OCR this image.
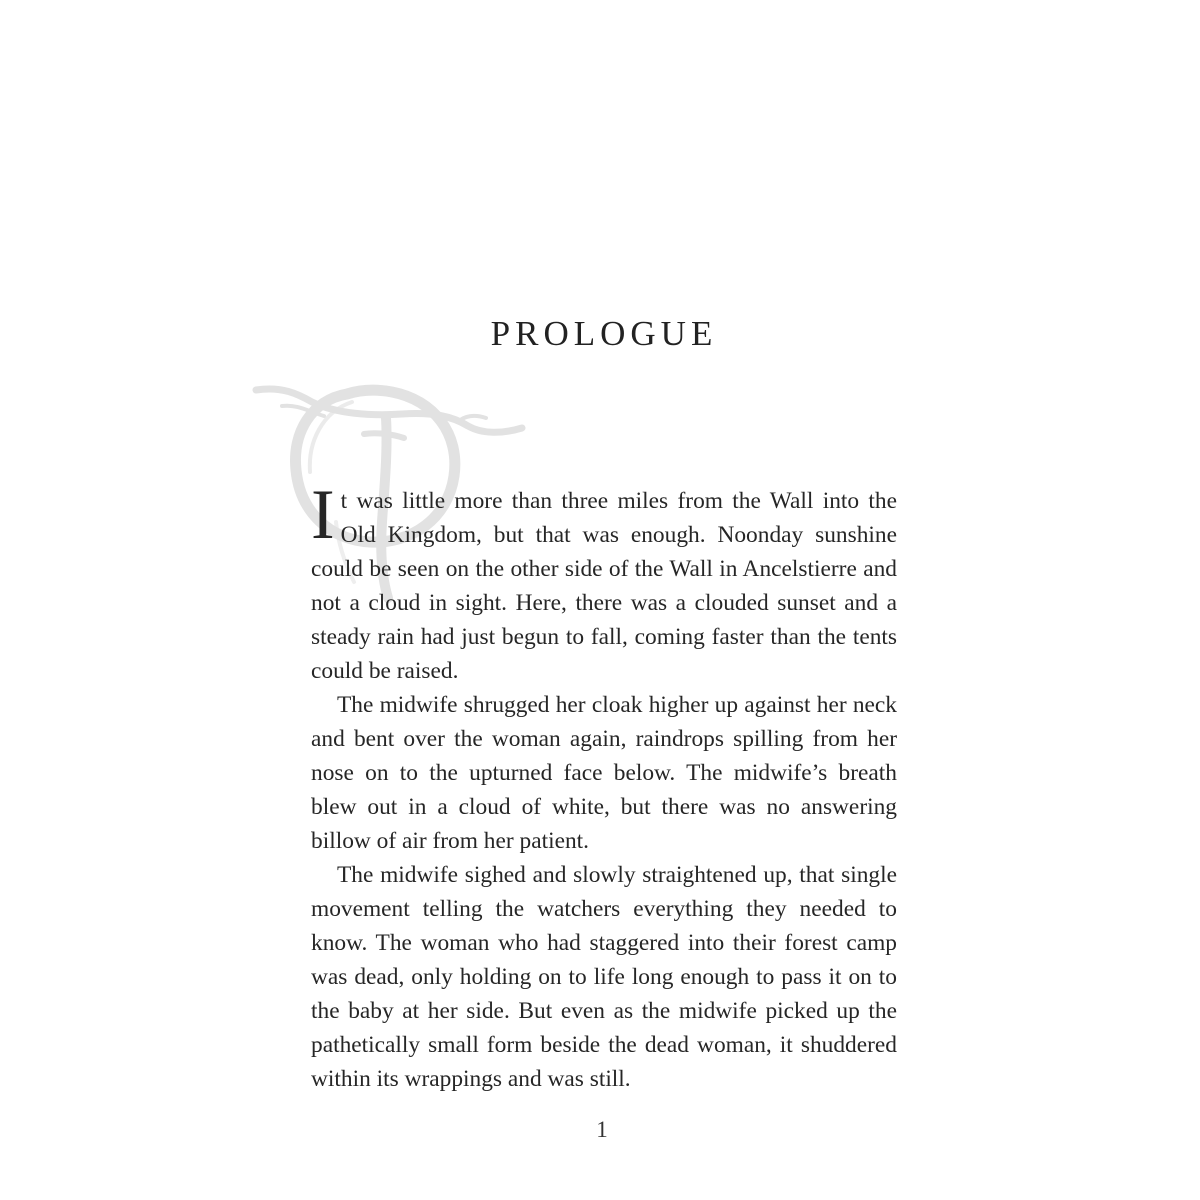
PROLOGUE

It was little more than three miles from the Wall into the Old Kingdom, but that was enough. Noonday sunshine could be seen on the other side of the Wall in Ancelstierre and not a cloud in sight. Here, there was a clouded sunset and a steady rain had just begun to fall, coming faster than the tents could be raised.

The midwife shrugged her cloak higher up against her neck and bent over the woman again, raindrops spilling from her nose on to the upturned face below. The midwife’s breath blew out in a cloud of white, but there was no answering billow of air from her patient.

The midwife sighed and slowly straightened up, that single movement telling the watchers everything they needed to know. The woman who had staggered into their forest camp was dead, only holding on to life long enough to pass it on to the baby at her side. But even as the midwife picked up the pathetically small form beside the dead woman, it shuddered within its wrappings and was still.

1
